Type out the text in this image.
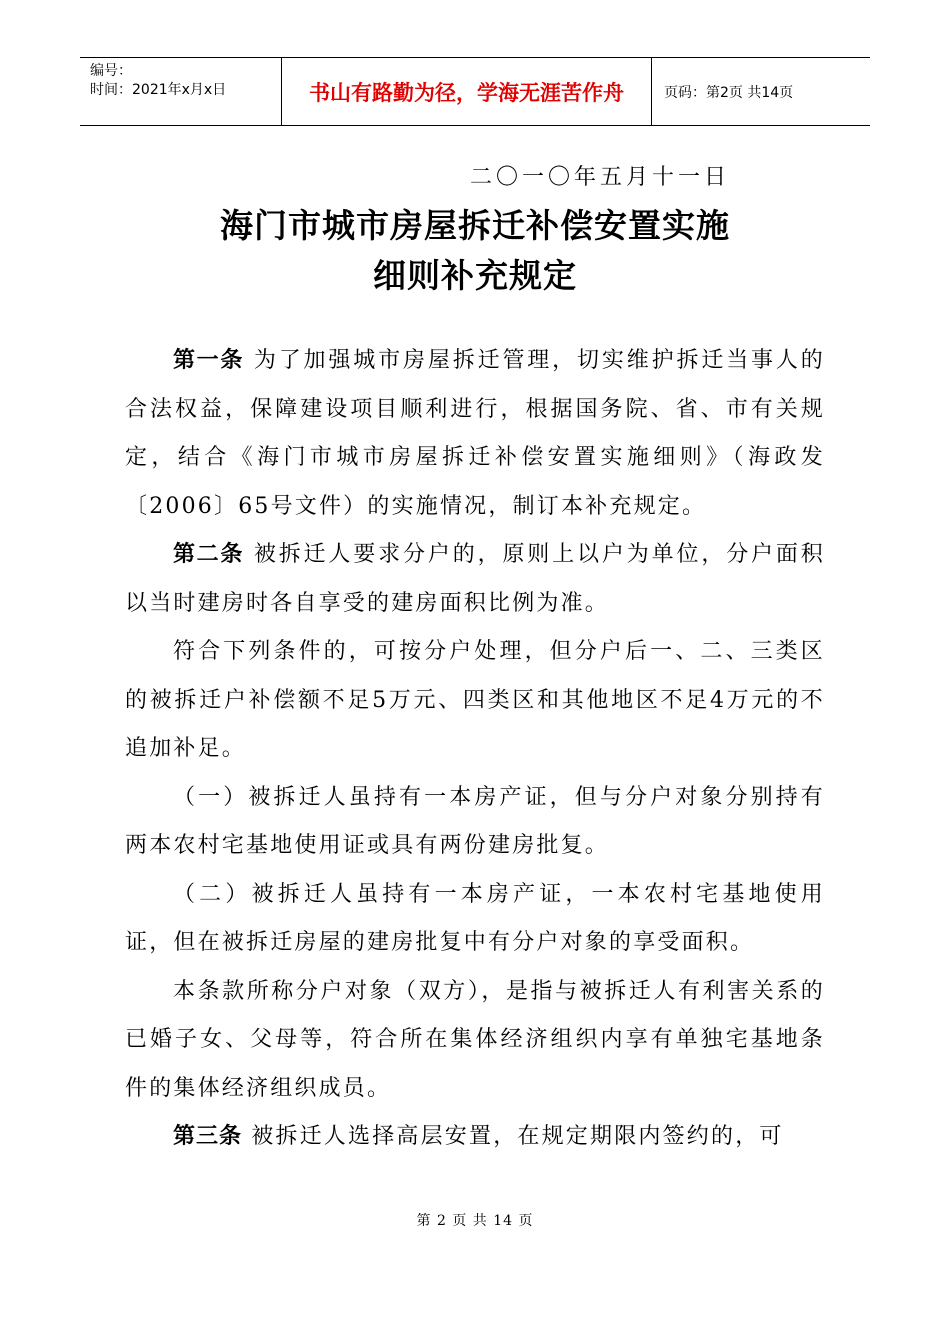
编号：
时间：2021年x月x日	书山有路勤为径，学海无涯苦作舟	页码：第2页 共14页
二〇一〇年五月十一日
海门市城市房屋拆迁补偿安置实施
细则补充规定

第一条 为了加强城市房屋拆迁管理，切实维护拆迁当事人的合法权益，保障建设项目顺利进行，根据国务院、省、市有关规定，结合《海门市城市房屋拆迁补偿安置实施细则》（海政发〔2006〕65号文件）的实施情况，制订本补充规定。

第二条 被拆迁人要求分户的，原则上以户为单位，分户面积以当时建房时各自享受的建房面积比例为准。

符合下列条件的，可按分户处理，但分户后一、二、三类区的被拆迁户补偿额不足5万元、四类区和其他地区不足4万元的不追加补足。

（一）被拆迁人虽持有一本房产证，但与分户对象分别持有两本农村宅基地使用证或具有两份建房批复。

（二）被拆迁人虽持有一本房产证，一本农村宅基地使用证，但在被拆迁房屋的建房批复中有分户对象的享受面积。

本条款所称分户对象（双方），是指与被拆迁人有利害关系的已婚子女、父母等，符合所在集体经济组织内享有单独宅基地条件的集体经济组织成员。

第三条 被拆迁人选择高层安置，在规定期限内签约的，可

第 2 页 共 14 页
